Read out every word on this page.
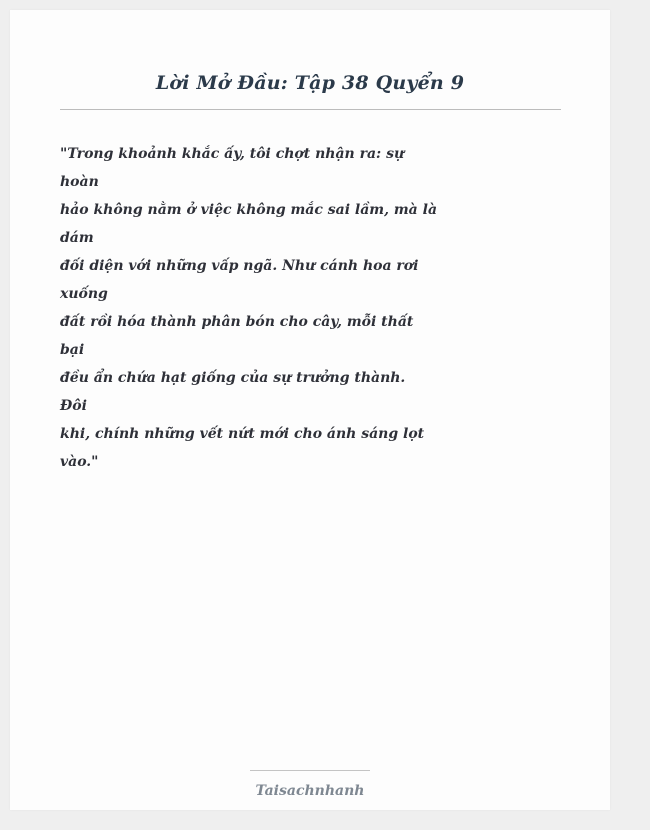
Lời Mở Đầu: Tập 38 Quyển 9
"Trong khoảnh khắc ấy, tôi chợt nhận ra: sự
hoàn
hảo không nằm ở việc không mắc sai lầm, mà là
dám
đối diện với những vấp ngã. Như cánh hoa rơi
xuống
đất rồi hóa thành phân bón cho cây, mỗi thất
bại
đều ẩn chứa hạt giống của sự trưởng thành.
Đôi
khi, chính những vết nứt mới cho ánh sáng lọt
vào."
Taisachnhanh
